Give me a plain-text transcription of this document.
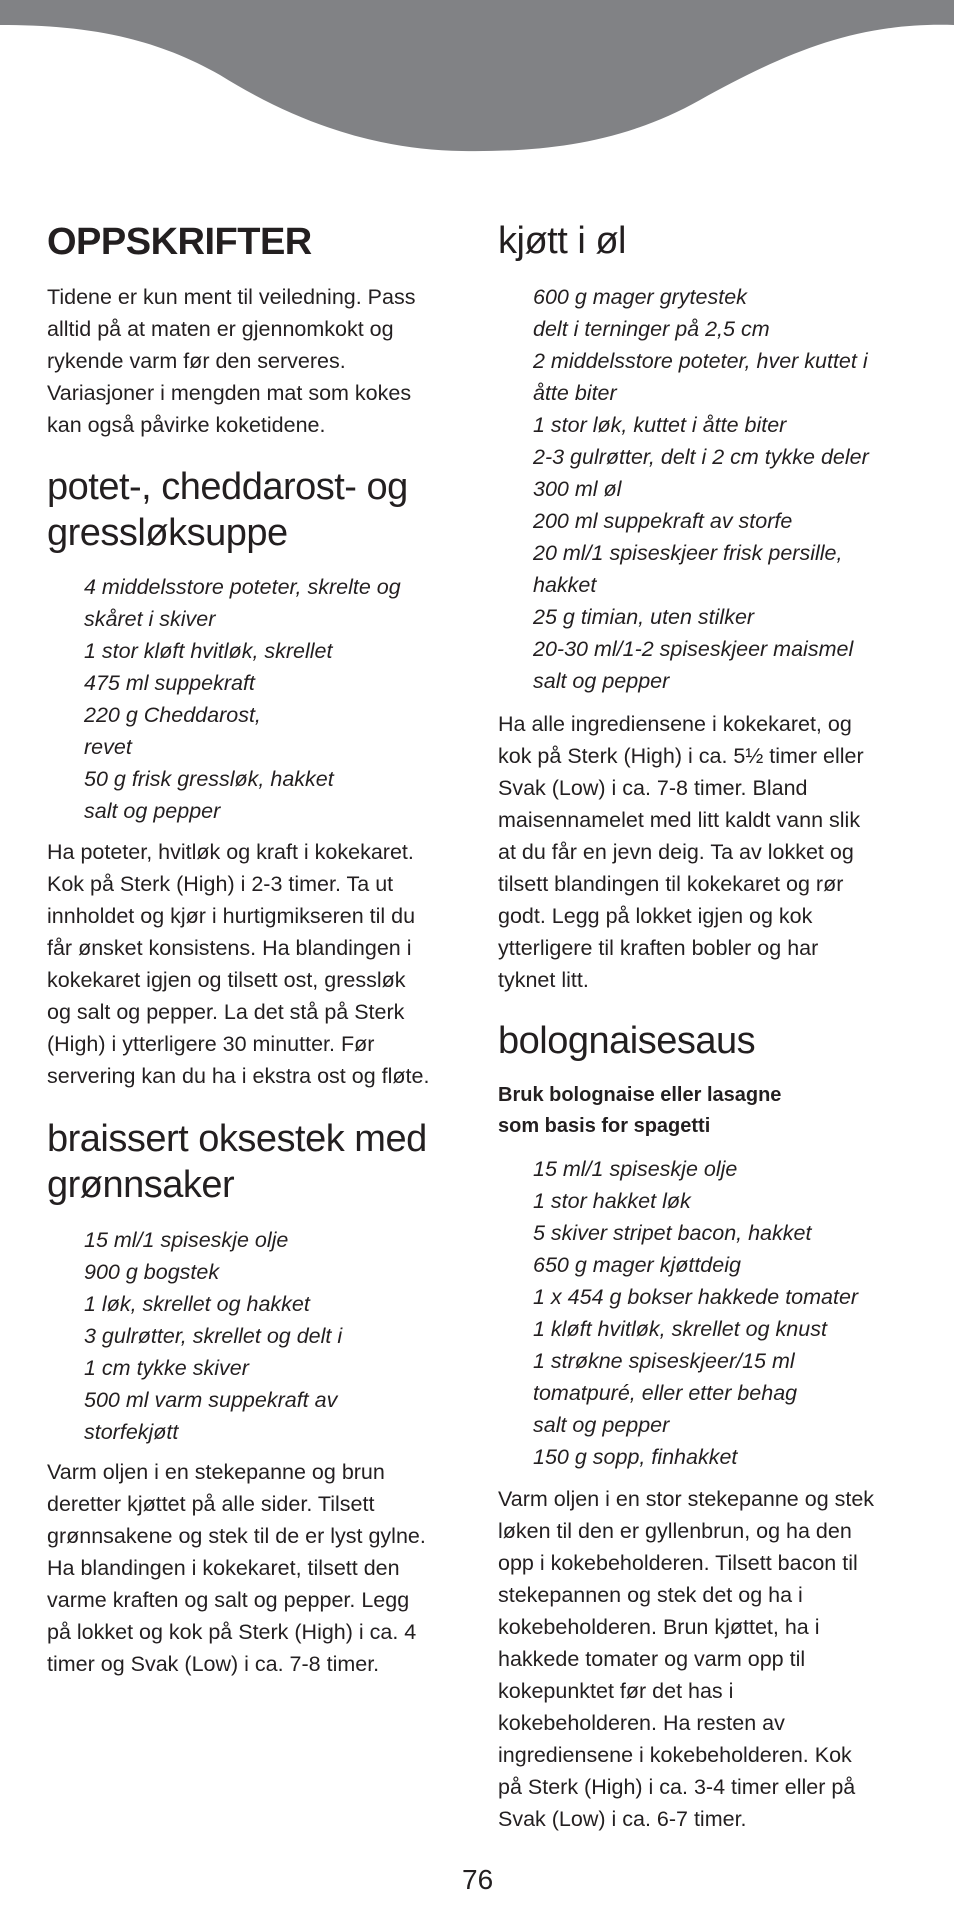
OPPSKRIFTER
Tidene er kun ment til veiledning. Pass
alltid på at maten er gjennomkokt og
rykende varm før den serveres.
Variasjoner i mengden mat som kokes
kan også påvirke koketidene.
potet-, cheddarost- og
gressløksuppe
4 middelsstore poteter, skrelte og
skåret i skiver
1 stor kløft hvitløk, skrellet
475 ml suppekraft
220 g Cheddarost,
revet
50 g frisk gressløk, hakket
salt og pepper
Ha poteter, hvitløk og kraft i kokekaret.
Kok på Sterk (High) i 2-3 timer. Ta ut
innholdet og kjør i hurtigmikseren til du
får ønsket konsistens. Ha blandingen i
kokekaret igjen og tilsett ost, gressløk
og salt og pepper. La det stå på Sterk
(High) i ytterligere 30 minutter. Før
servering kan du ha i ekstra ost og fløte.
braissert oksestek med
grønnsaker
15 ml/1 spiseskje olje
900 g bogstek
1 løk, skrellet og hakket
3 gulrøtter, skrellet og delt i
1 cm tykke skiver
500 ml varm suppekraft av
storfekjøtt
Varm oljen i en stekepanne og brun
deretter kjøttet på alle sider. Tilsett
grønnsakene og stek til de er lyst gylne.
Ha blandingen i kokekaret, tilsett den
varme kraften og salt og pepper. Legg
på lokket og kok på Sterk (High) i ca. 4
timer og Svak (Low) i ca. 7-8 timer.
kjøtt i øl
600 g mager grytestek
delt i terninger på 2,5 cm
2 middelsstore poteter, hver kuttet i
åtte biter
1 stor løk, kuttet i åtte biter
2-3 gulrøtter, delt i 2 cm tykke deler
300 ml øl
200 ml suppekraft av storfe
20 ml/1 spiseskjeer frisk persille,
hakket
25 g timian, uten stilker
20-30 ml/1-2 spiseskjeer maismel
salt og pepper
Ha alle ingrediensene i kokekaret, og
kok på Sterk (High) i ca. 5½ timer eller
Svak (Low) i ca. 7-8 timer. Bland
maisennamelet med litt kaldt vann slik
at du får en jevn deig. Ta av lokket og
tilsett blandingen til kokekaret og rør
godt. Legg på lokket igjen og kok
ytterligere til kraften bobler og har
tyknet litt.
bolognaisesaus
Bruk bolognaise eller lasagne
som basis for spagetti
15 ml/1 spiseskje olje
1 stor hakket løk
5 skiver stripet bacon, hakket
650 g mager kjøttdeig
1 x 454 g bokser hakkede tomater
1 kløft hvitløk, skrellet og knust
1 strøkne spiseskjeer/15 ml
tomatpuré, eller etter behag
salt og pepper
150 g sopp, finhakket
Varm oljen i en stor stekepanne og stek
løken til den er gyllenbrun, og ha den
opp i kokebeholderen. Tilsett bacon til
stekepannen og stek det og ha i
kokebeholderen. Brun kjøttet, ha i
hakkede tomater og varm opp til
kokepunktet før det has i
kokebeholderen. Ha resten av
ingrediensene i kokebeholderen. Kok
på Sterk (High) i ca. 3-4 timer eller på
Svak (Low) i ca. 6-7 timer.
76
